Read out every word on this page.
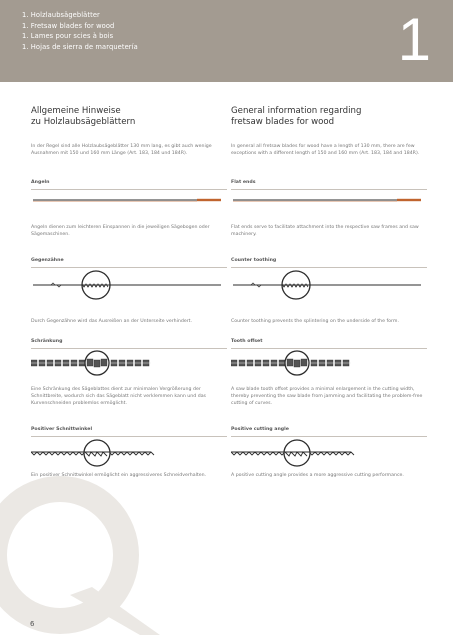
1. Holzlaubsägeblätter
1. Fretsaw blades for wood
1. Lames pour scies à bois
1. Hojas de sierra de marquetería	1
Allgemeine Hinweise
zu Holzlaubsägeblättern
In der Regel sind alle Holzlaubsägeblätter 130 mm lang, es gibt auch wenige Ausnahmen mit 150 und 160 mm Länge (Art. 183, 184 und 184R).
General information regarding
fretsaw blades for wood
In general all fretsaw blades for wood have a length of 130 mm, there are few exceptions with a different length of 150 and 160 mm (Art. 183, 184 and 184R).
Angeln	Flat ends
Angeln dienen zum leichteren Einspannen in die jeweiligen Sägebogen oder Sägemaschinen.
Flat ends serve to facilitate attachment into the respective saw frames and saw machinery.
Gegenzähne	Counter toothing
Durch Gegenzähne wird das Ausreißen an der Unterseite verhindert.	Counter toothing prevents the splintering on the underside of the form.
Schränkung	Tooth offset
Eine Schränkung des Sägeblattes dient zur minimalen Vergrößerung der Schnittbreite, wodurch sich das Sägeblatt nicht verklemmen kann und das Kurvenschneiden problemlos ermöglicht.
A saw blade tooth offset provides a minimal enlargement in the cutting width, thereby preventing the saw blade from jamming and facilitating the problem-free cutting of curves.
Positiver Schnittwinkel	Positive cutting angle
Ein positiver Schnittwinkel ermöglicht ein aggressiveres Schneidverhalten.	A positive cutting angle provides a more aggressive cutting performance.
QUALITY
6
